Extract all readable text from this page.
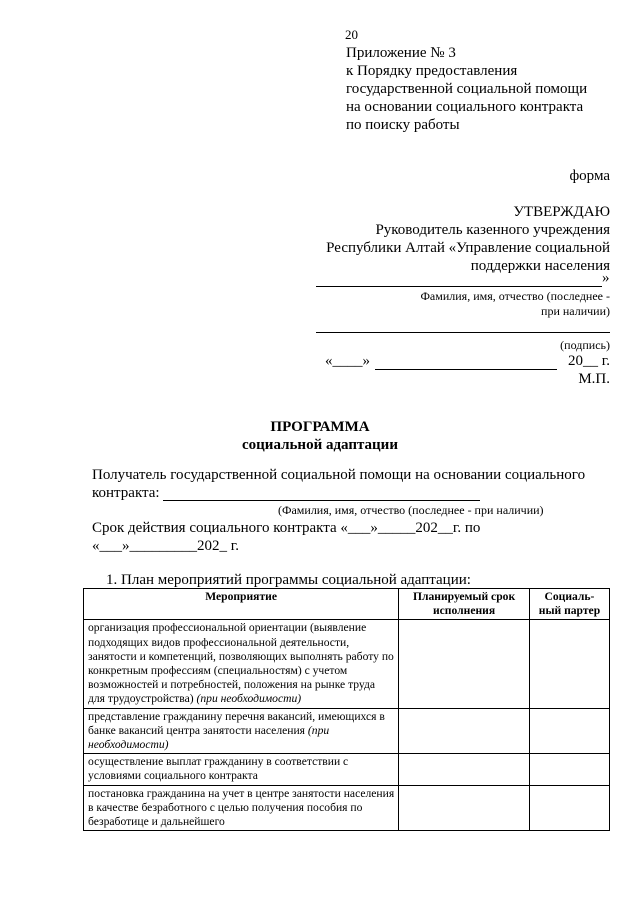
20
Приложение № 3
к Порядку предоставления
государственной социальной помощи
на основании социального контракта
по поиску работы
форма
УТВЕРЖДАЮ
Руководитель казенного учреждения
Республики Алтай «Управление социальной
поддержки населения
»
Фамилия, имя, отчество (последнее -
при наличии)
(подпись)
«____»	20__ г.
М.П.
ПРОГРАММА
социальной адаптации
Получатель государственной социальной помощи на основании социального
контракта:
(Фамилия, имя, отчество (последнее - при наличии)
Срок действия социального контракта «___»_____202__г. по
«___»_________202_ г.
1. План мероприятий программы социальной адаптации:
Мероприятие	Планируемый срок исполнения	Социаль-ный партер
организация профессиональной ориентации (выявление подходящих видов профессиональной деятельности, занятости и компетенций, позволяющих выполнять работу по конкретным профессиям (специальностям) с учетом возможностей и потребностей, положения на рынке труда для трудоустройства) (при необходимости)		
представление гражданину перечня вакансий, имеющихся в банке вакансий центра занятости населения (при необходимости)		
осуществление выплат гражданину в соответствии с условиями социального контракта		
постановка гражданина на учет в центре занятости населения в качестве безработного с целью получения пособия по безработице и дальнейшего		
